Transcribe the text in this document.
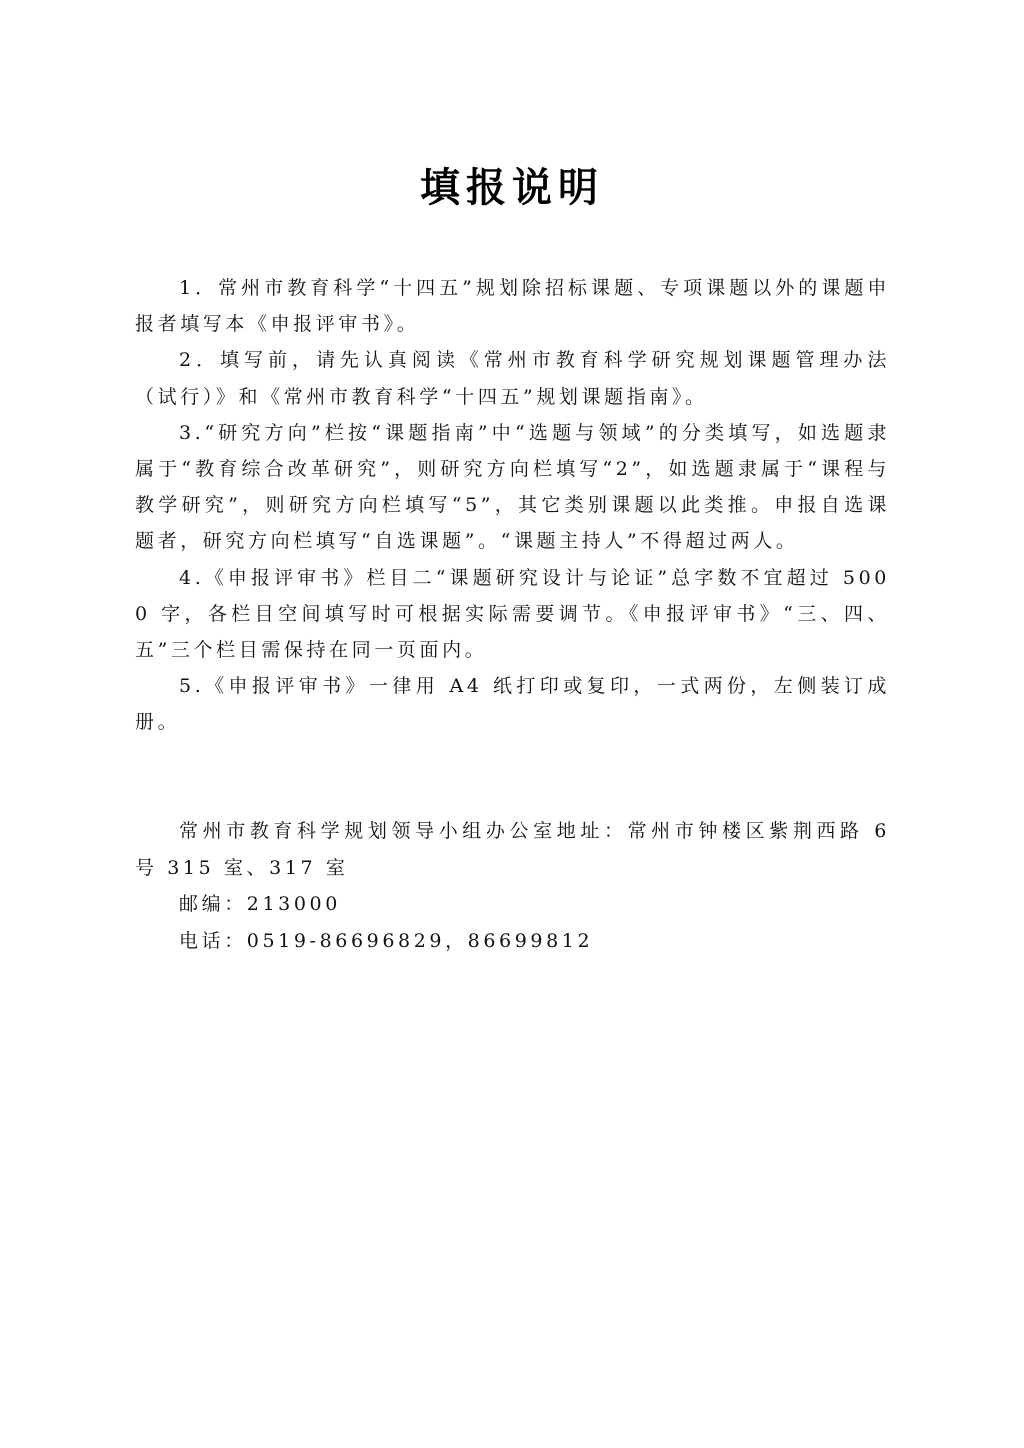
填报说明

1．常州市教育科学“十四五”规划除招标课题、专项课题以外的课题申报者填写本《申报评审书》。

2．填写前，请先认真阅读《常州市教育科学研究规划课题管理办法（试行）》和《常州市教育科学“十四五”规划课题指南》。

3.“研究方向”栏按“课题指南”中“选题与领域”的分类填写，如选题隶属于“教育综合改革研究”，则研究方向栏填写“2”，如选题隶属于“课程与教学研究”，则研究方向栏填写“5”，其它类别课题以此类推。申报自选课题者，研究方向栏填写“自选课题”。“课题主持人”不得超过两人。

4.《申报评审书》栏目二“课题研究设计与论证”总字数不宜超过 5000 字，各栏目空间填写时可根据实际需要调节。《申报评审书》“三、四、五”三个栏目需保持在同一页面内。

5.《申报评审书》一律用 A4 纸打印或复印，一式两份，左侧装订成册。

常州市教育科学规划领导小组办公室地址：常州市钟楼区紫荆西路 6 号 315 室、317 室

邮编：213000

电话：0519-86696829，86699812
